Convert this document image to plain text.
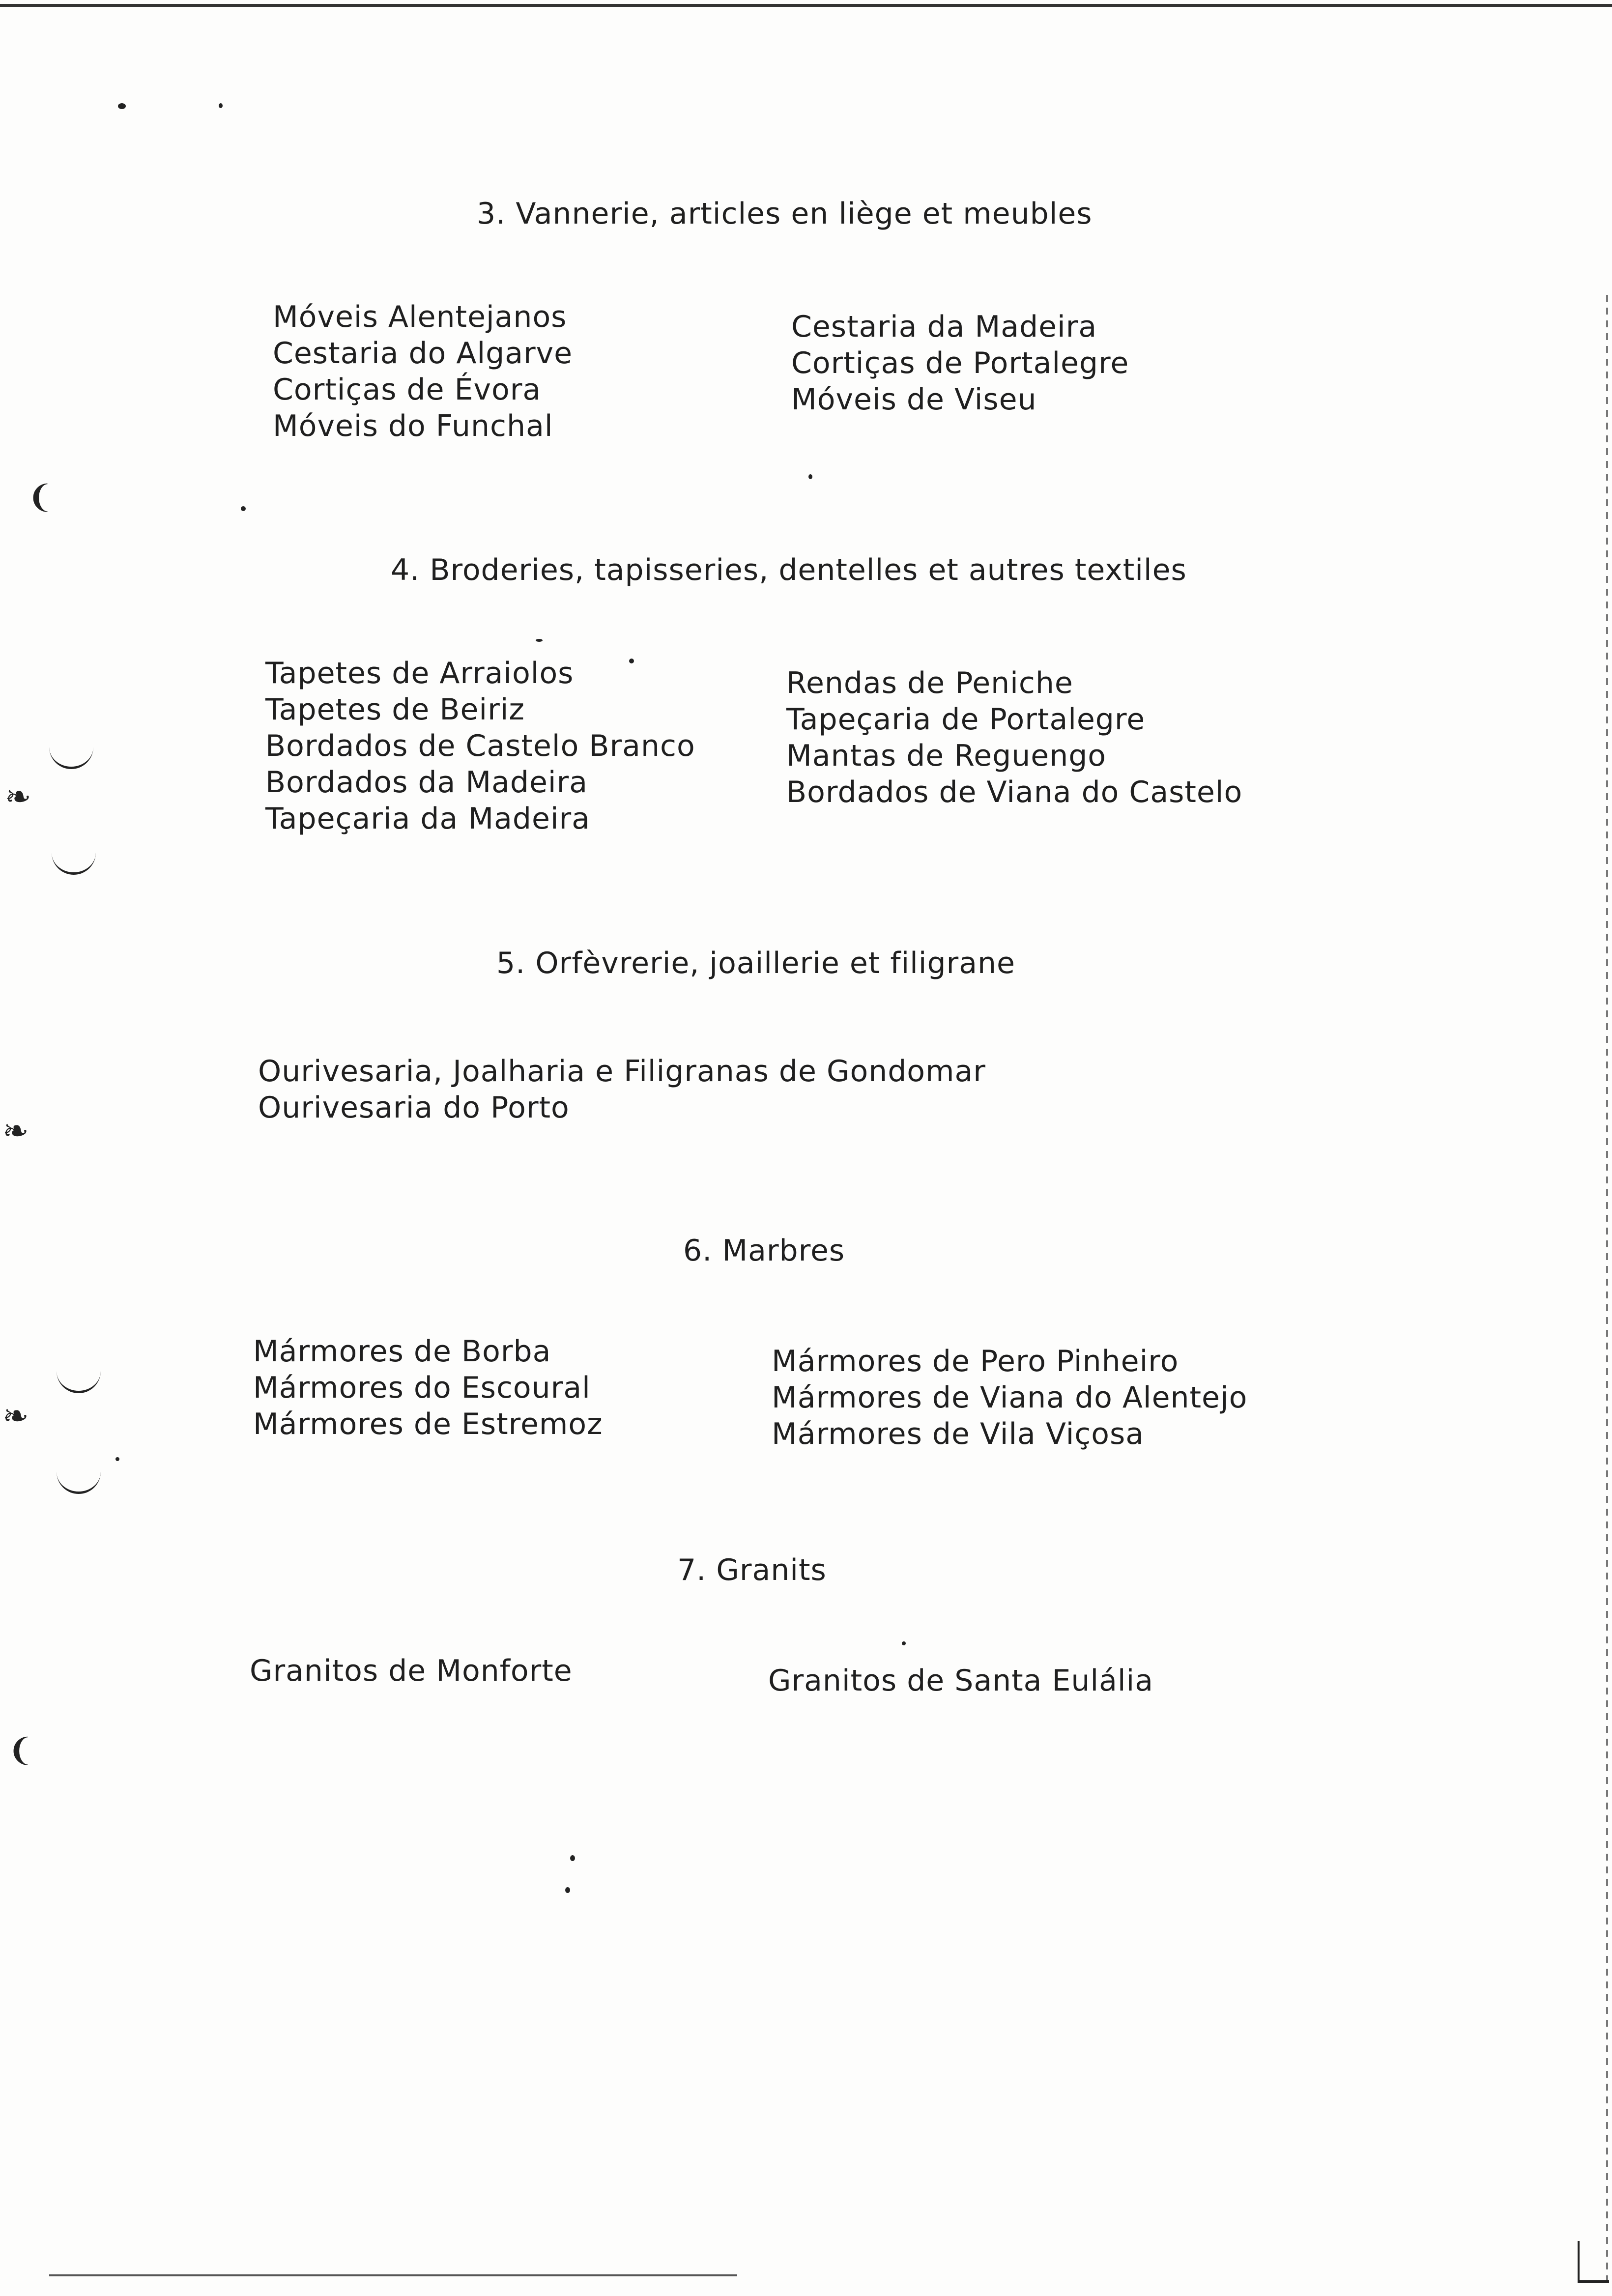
3. Vannerie, articles en liège et meubles
Móveis Alentejanos
Cestaria do Algarve
Cortiças de Évora
Móveis do Funchal
Cestaria da Madeira
Cortiças de Portalegre
Móveis de Viseu
4. Broderies, tapisseries, dentelles et autres textiles
Tapetes de Arraiolos
Tapetes de Beiriz
Bordados de Castelo Branco
Bordados da Madeira
Tapeçaria da Madeira
Rendas de Peniche
Tapeçaria de Portalegre
Mantas de Reguengo
Bordados de Viana do Castelo
5. Orfèvrerie, joaillerie et filigrane
Ourivesaria, Joalharia e Filigranas de Gondomar
Ourivesaria do Porto
6. Marbres
Mármores de Borba
Mármores do Escoural
Mármores de Estremoz
Mármores de Pero Pinheiro
Mármores de Viana do Alentejo
Mármores de Vila Viçosa
7. Granits
Granitos de Monforte	Granitos de Santa Eulália
❨
❧
❧
❧
❨
